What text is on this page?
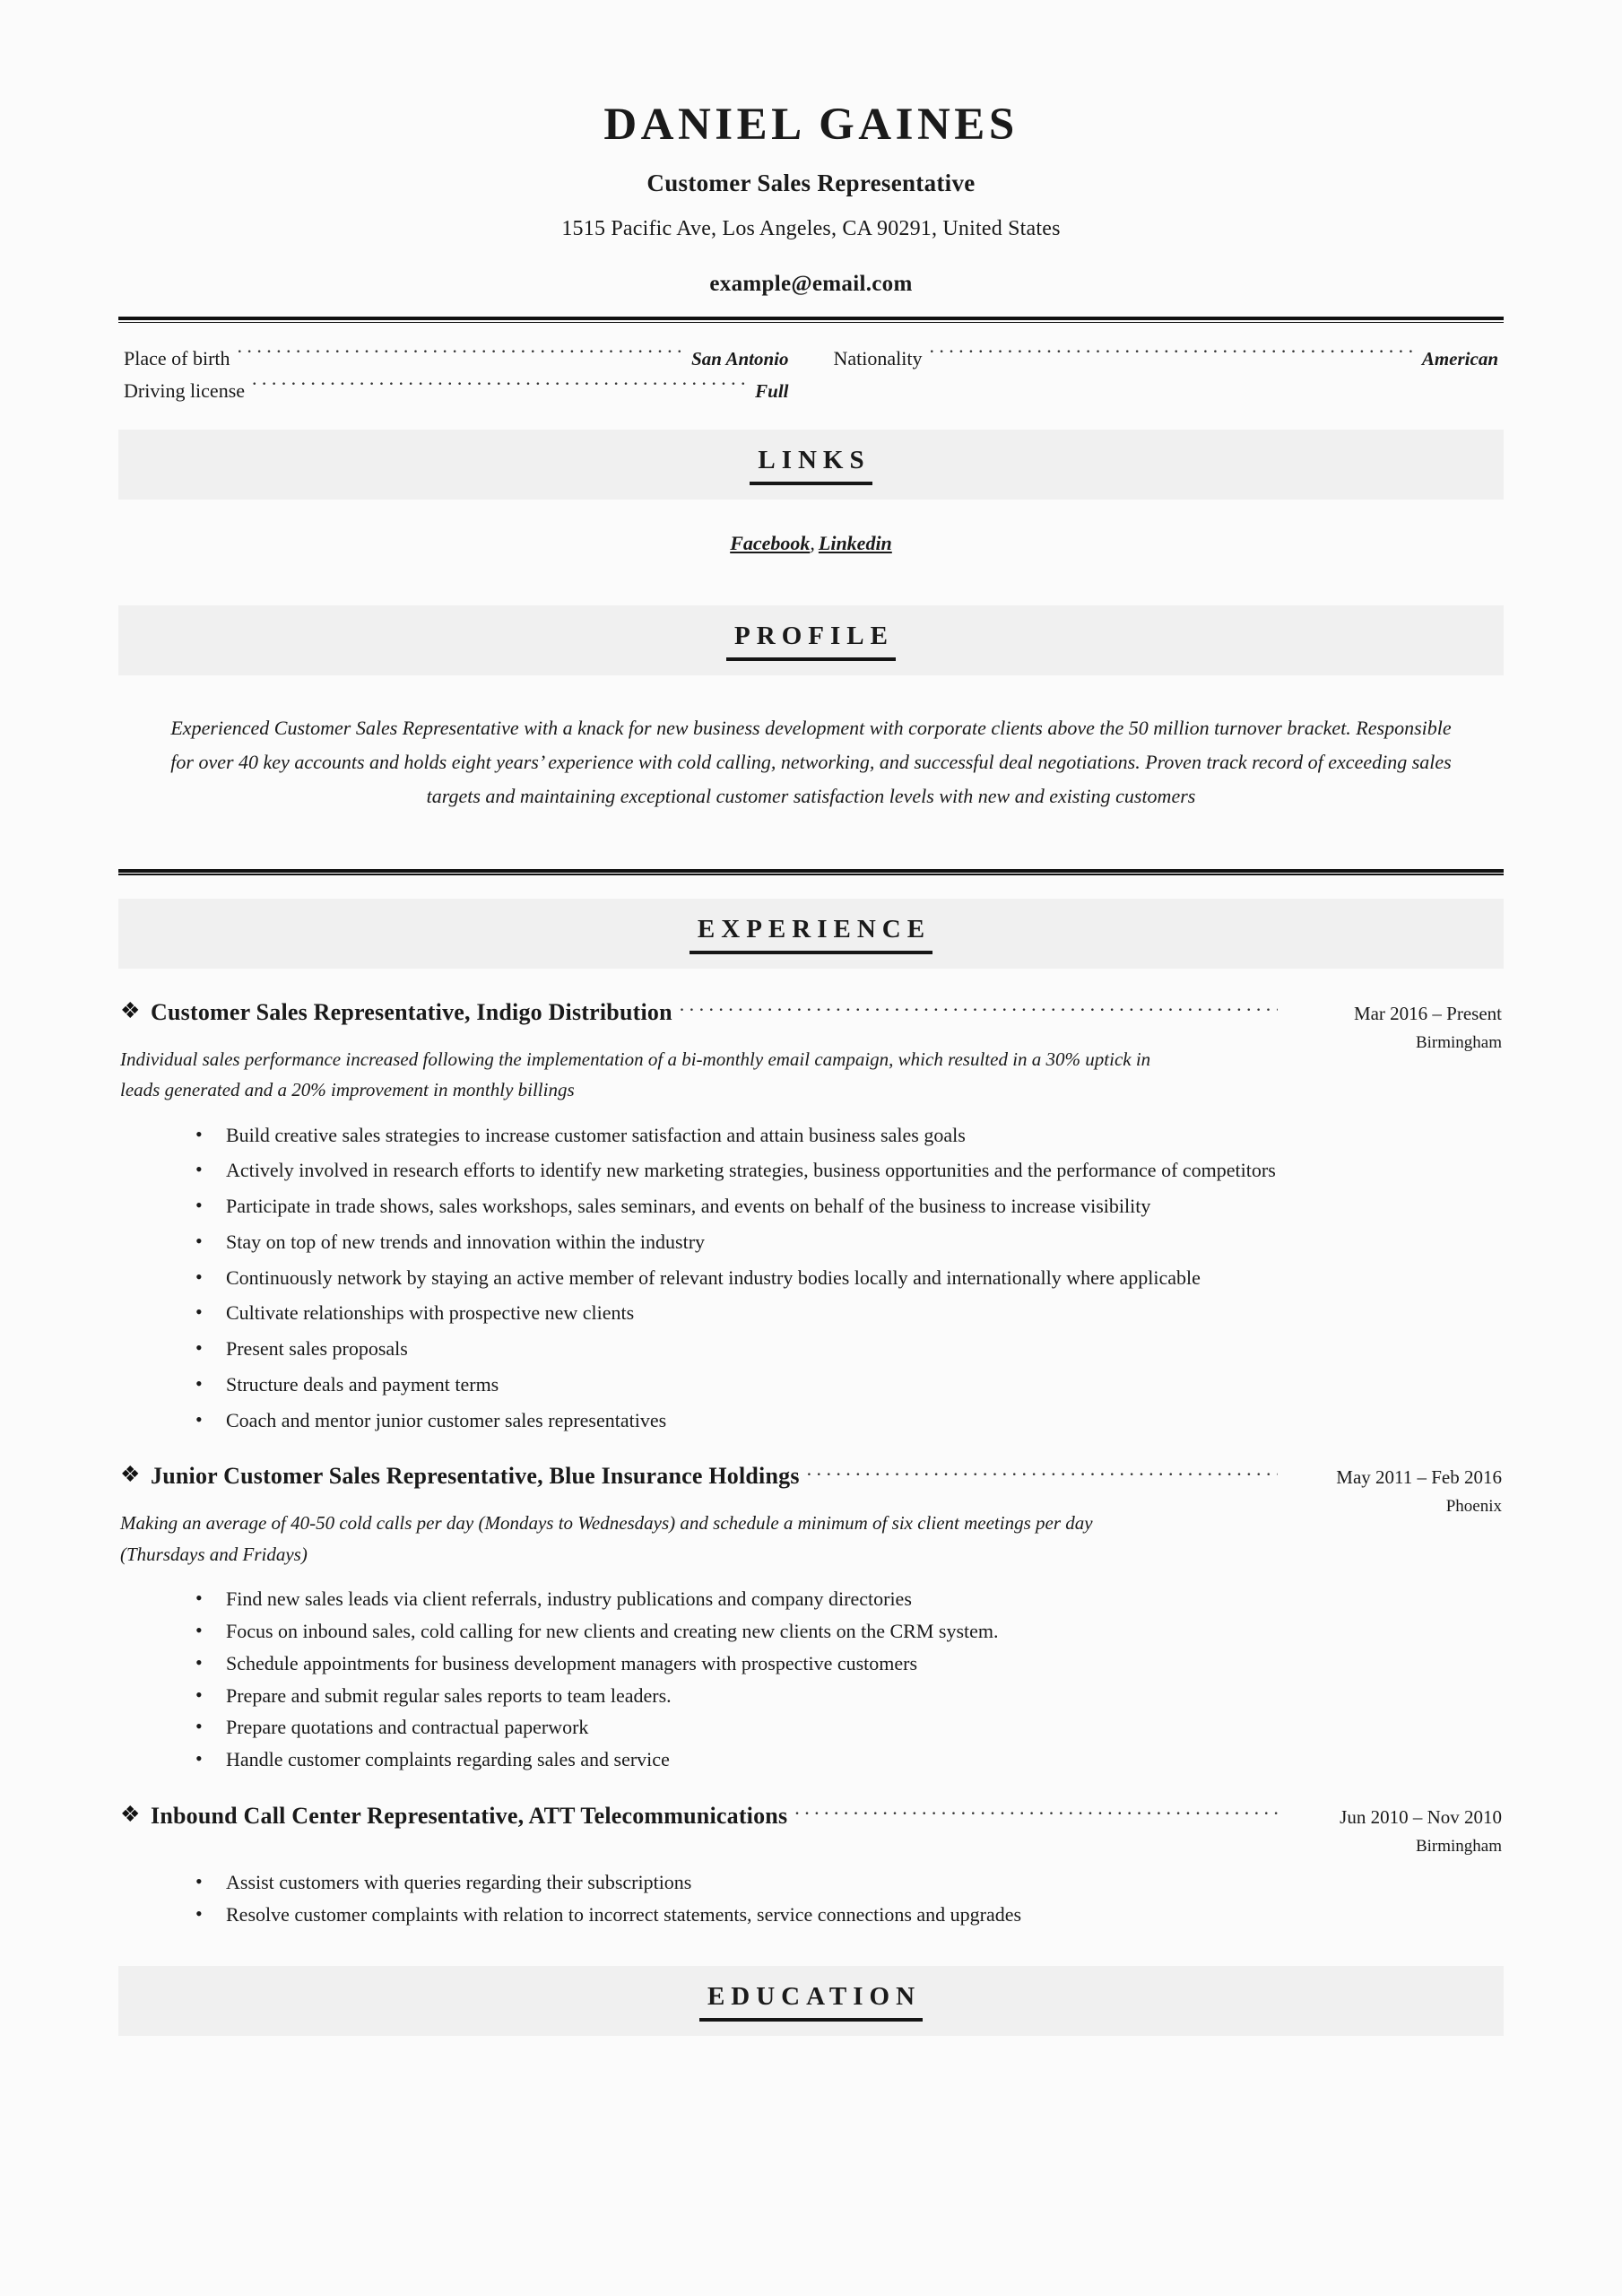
DANIEL GAINES
Customer Sales Representative
1515 Pacific Ave, Los Angeles, CA 90291, United States
example@email.com
Place of birth .....	San Antonio Nationality .....	American
Driving license .....	Full
LINKS
Facebook, Linkedin
PROFILE

Experienced Customer Sales Representative with a knack for new business development with corporate clients above the 50 million turnover bracket. Responsible for over 40 key accounts and holds eight years’ experience with cold calling, networking, and successful deal negotiations. Proven track record of exceeding sales targets and maintaining exceptional customer satisfaction levels with new and existing customers

EXPERIENCE
❖ Customer Sales Representative, Indigo Distribution .....	Mar 2016 – Present
Birmingham

Individual sales performance increased following the implementation of a bi-monthly email campaign, which resulted in a 30% uptick in leads generated and a 20% improvement in monthly billings

• Build creative sales strategies to increase customer satisfaction and attain business sales goals
• Actively involved in research efforts to identify new marketing strategies, business opportunities and the performance of competitors
• Participate in trade shows, sales workshops, sales seminars, and events on behalf of the business to increase visibility
• Stay on top of new trends and innovation within the industry
• Continuously network by staying an active member of relevant industry bodies locally and internationally where applicable
• Cultivate relationships with prospective new clients
• Present sales proposals
• Structure deals and payment terms
• Coach and mentor junior customer sales representatives
❖ Junior Customer Sales Representative, Blue Insurance Holdings .....	May 2011 – Feb 2016
Phoenix

Making an average of 40-50 cold calls per day (Mondays to Wednesdays) and schedule a minimum of six client meetings per day (Thursdays and Fridays)

• Find new sales leads via client referrals, industry publications and company directories
• Focus on inbound sales, cold calling for new clients and creating new clients on the CRM system.
• Schedule appointments for business development managers with prospective customers
• Prepare and submit regular sales reports to team leaders.
• Prepare quotations and contractual paperwork
• Handle customer complaints regarding sales and service
❖ Inbound Call Center Representative, ATT Telecommunications .....	Jun 2010 – Nov 2010
Birmingham
• Assist customers with queries regarding their subscriptions
• Resolve customer complaints with relation to incorrect statements, service connections and upgrades
EDUCATION
